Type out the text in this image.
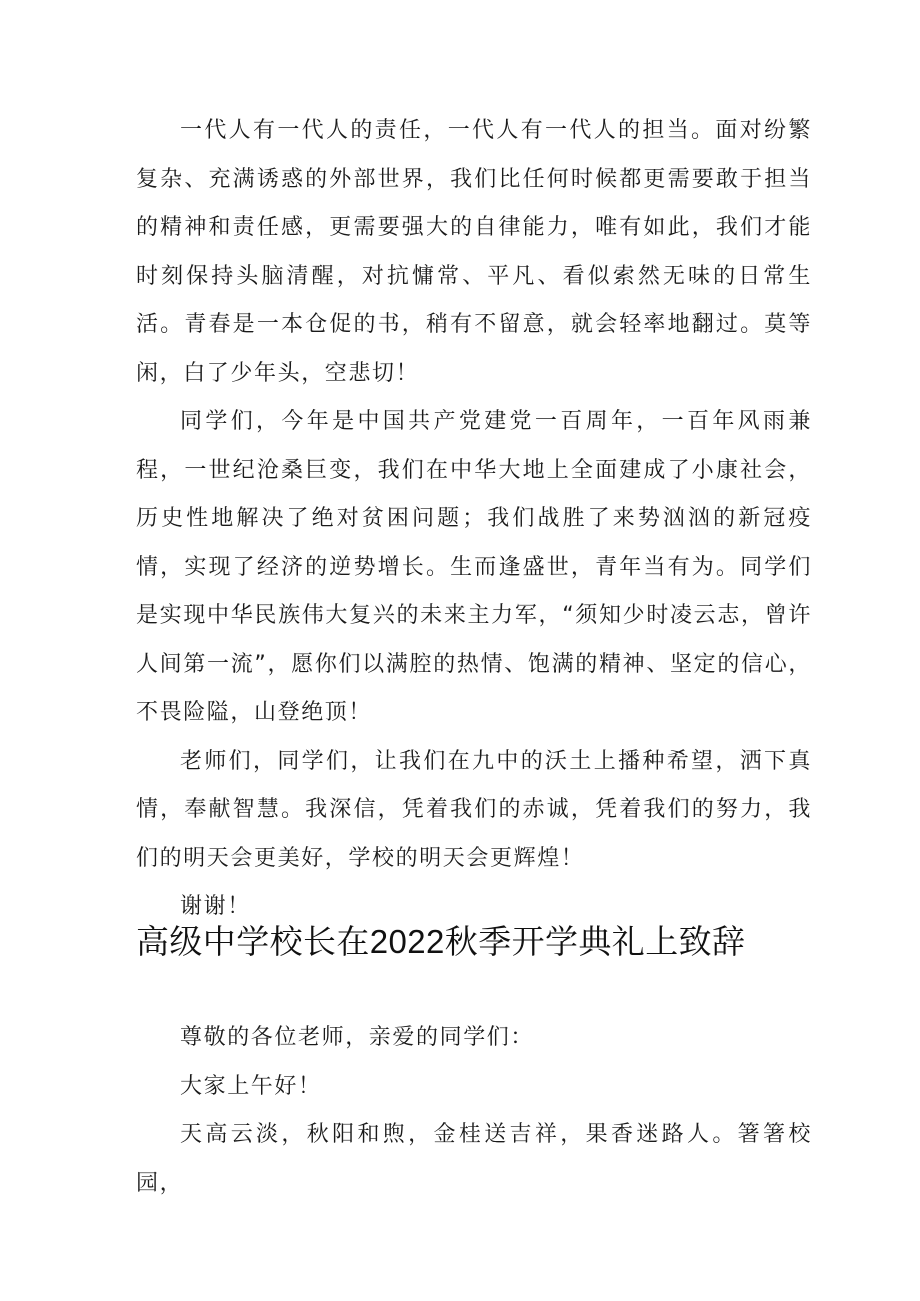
一代人有一代人的责任，一代人有一代人的担当。面对纷繁复杂、充满诱惑的外部世界，我们比任何时候都更需要敢于担当的精神和责任感，更需要强大的自律能力，唯有如此，我们才能时刻保持头脑清醒，对抗慵常、平凡、看似索然无味的日常生活。青春是一本仓促的书，稍有不留意，就会轻率地翻过。莫等闲，白了少年头，空悲切！

同学们，今年是中国共产党建党一百周年，一百年风雨兼程，一世纪沧桑巨变，我们在中华大地上全面建成了小康社会，历史性地解决了绝对贫困问题；我们战胜了来势汹汹的新冠疫情，实现了经济的逆势增长。生而逢盛世，青年当有为。同学们是实现中华民族伟大复兴的未来主力军，“须知少时凌云志，曾许人间第一流”，愿你们以满腔的热情、饱满的精神、坚定的信心，不畏险隘，山登绝顶！

老师们，同学们，让我们在九中的沃土上播种希望，洒下真情，奉献智慧。我深信，凭着我们的赤诚，凭着我们的努力，我们的明天会更美好，学校的明天会更辉煌！

谢谢！

高级中学校长在2022秋季开学典礼上致辞

尊敬的各位老师，亲爱的同学们：

大家上午好！

天高云淡，秋阳和煦，金桂送吉祥，果香迷路人。箸箸校园，
